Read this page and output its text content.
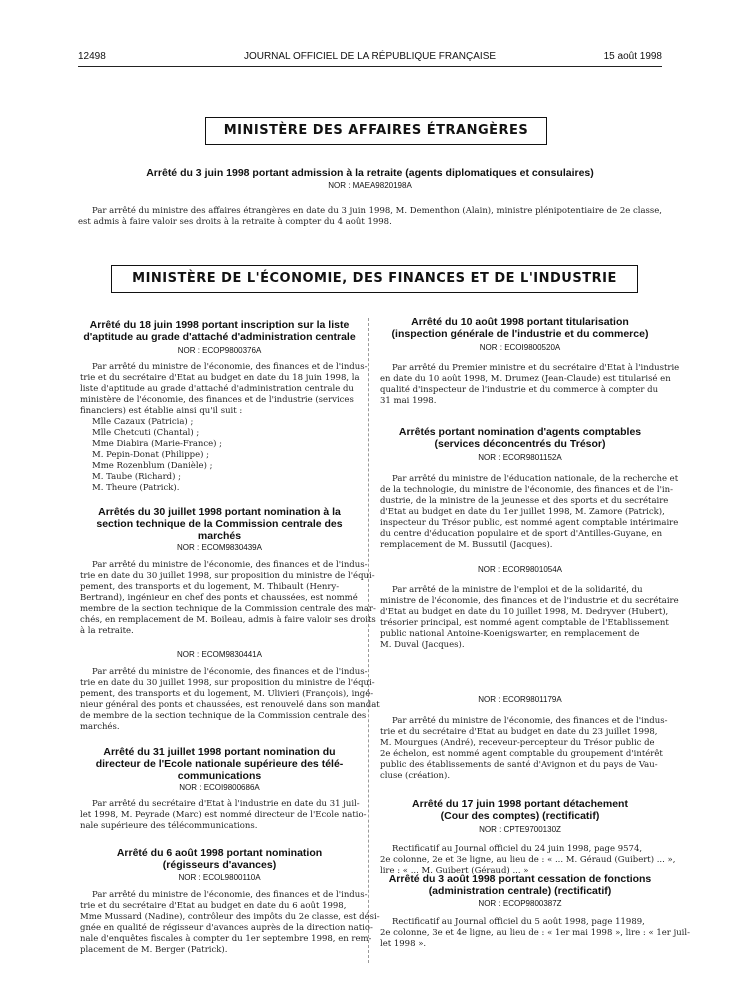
12498	JOURNAL OFFICIEL DE LA RÉPUBLIQUE FRANÇAISE	15 août 1998
MINISTÈRE DES AFFAIRES ÉTRANGÈRES
Arrêté du 3 juin 1998 portant admission à la retraite (agents diplomatiques et consulaires)
NOR : MAEA9820198A
Par arrêté du ministre des affaires étrangères en date du 3 juin 1998, M. Dementhon (Alain), ministre plénipotentiaire de 2e classe, est admis à faire valoir ses droits à la retraite à compter du 4 août 1998.
MINISTÈRE DE L'ÉCONOMIE, DES FINANCES ET DE L'INDUSTRIE
Arrêté du 18 juin 1998 portant inscription sur la liste
d'aptitude au grade d'attaché d'administration centrale
NOR : ECOP9800376A
Par arrêté du ministre de l'économie, des finances et de l'indus-
trie et du secrétaire d'Etat au budget en date du 18 juin 1998, la
liste d'aptitude au grade d'attaché d'administration centrale du
ministère de l'économie, des finances et de l'industrie (services
financiers) est établie ainsi qu'il suit :
Mlle Cazaux (Patricia) ;
Mlle Chetcuti (Chantal) ;
Mme Diabira (Marie-France) ;
M. Pepin-Donat (Philippe) ;
Mme Rozenblum (Danièle) ;
M. Taube (Richard) ;
M. Theure (Patrick).
Arrêtés du 30 juillet 1998 portant nomination à la
section technique de la Commission centrale des
marchés
NOR : ECOM9830439A
Par arrêté du ministre de l'économie, des finances et de l'indus-
trie en date du 30 juillet 1998, sur proposition du ministre de l'équi-
pement, des transports et du logement, M. Thibault (Henry-
Bertrand), ingénieur en chef des ponts et chaussées, est nommé
membre de la section technique de la Commission centrale des mar-
chés, en remplacement de M. Boileau, admis à faire valoir ses droits
à la retraite.
NOR : ECOM9830441A
Par arrêté du ministre de l'économie, des finances et de l'indus-
trie en date du 30 juillet 1998, sur proposition du ministre de l'équi-
pement, des transports et du logement, M. Ulivieri (François), ingé-
nieur général des ponts et chaussées, est renouvelé dans son mandat
de membre de la section technique de la Commission centrale des
marchés.
Arrêté du 31 juillet 1998 portant nomination du
directeur de l'Ecole nationale supérieure des télé-
communications
NOR : ECOI9800686A
Par arrêté du secrétaire d'Etat à l'industrie en date du 31 juil-
let 1998, M. Peyrade (Marc) est nommé directeur de l'Ecole natio-
nale supérieure des télécommunications.
Arrêté du 6 août 1998 portant nomination
(régisseurs d'avances)
NOR : ECOL9800110A
Par arrêté du ministre de l'économie, des finances et de l'indus-
trie et du secrétaire d'Etat au budget en date du 6 août 1998,
Mme Mussard (Nadine), contrôleur des impôts du 2e classe, est dési-
gnée en qualité de régisseur d'avances auprès de la direction natio-
nale d'enquêtes fiscales à compter du 1er septembre 1998, en rem-
placement de M. Berger (Patrick).
Arrêté du 10 août 1998 portant titularisation
(inspection générale de l'industrie et du commerce)
NOR : ECOI9800520A
Par arrêté du Premier ministre et du secrétaire d'Etat à l'industrie
en date du 10 août 1998, M. Drumez (Jean-Claude) est titularisé en
qualité d'inspecteur de l'industrie et du commerce à compter du
31 mai 1998.
Arrêtés portant nomination d'agents comptables
(services déconcentrés du Trésor)
NOR : ECOR9801152A
Par arrêté du ministre de l'éducation nationale, de la recherche et
de la technologie, du ministre de l'économie, des finances et de l'in-
dustrie, de la ministre de la jeunesse et des sports et du secrétaire
d'Etat au budget en date du 1er juillet 1998, M. Zamore (Patrick),
inspecteur du Trésor public, est nommé agent comptable intérimaire
du centre d'éducation populaire et de sport d'Antilles-Guyane, en
remplacement de M. Bussutil (Jacques).
NOR : ECOR9801054A
Par arrêté de la ministre de l'emploi et de la solidarité, du
ministre de l'économie, des finances et de l'industrie et du secrétaire
d'Etat au budget en date du 10 juillet 1998, M. Dedryver (Hubert),
trésorier principal, est nommé agent comptable de l'Etablissement
public national Antoine-Koenigswarter, en remplacement de
M. Duval (Jacques).
NOR : ECOR9801179A
Par arrêté du ministre de l'économie, des finances et de l'indus-
trie et du secrétaire d'Etat au budget en date du 23 juillet 1998,
M. Mourgues (André), receveur-percepteur du Trésor public de
2e échelon, est nommé agent comptable du groupement d'intérêt
public des établissements de santé d'Avignon et du pays de Vau-
cluse (création).
Arrêté du 17 juin 1998 portant détachement
(Cour des comptes) (rectificatif)
NOR : CPTE9700130Z
Rectificatif au Journal officiel du 24 juin 1998, page 9574,
2e colonne, 2e et 3e ligne, au lieu de : « ... M. Géraud (Guibert) ... »,
lire : « ... M. Guibert (Géraud) ... »
Arrêté du 3 août 1998 portant cessation de fonctions
(administration centrale) (rectificatif)
NOR : ECOP9800387Z
Rectificatif au Journal officiel du 5 août 1998, page 11989,
2e colonne, 3e et 4e ligne, au lieu de : « 1er mai 1998 », lire : « 1er juil-
let 1998 ».
